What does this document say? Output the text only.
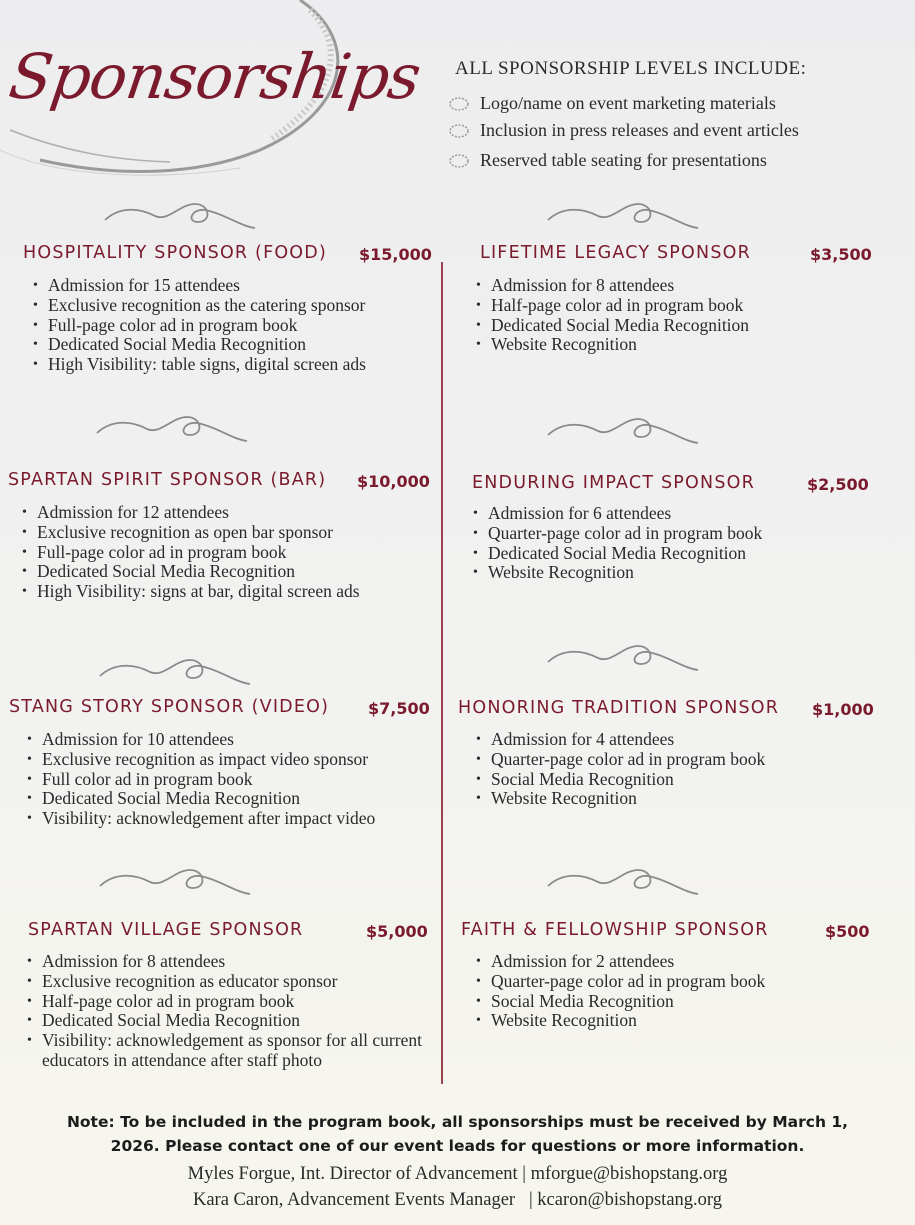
Sponsorships ALL SPONSORSHIP LEVELS INCLUDE:
Logo/name on event marketing materials
Inclusion in press releases and event articles
Reserved table seating for presentations
HOSPITALITY SPONSOR (FOOD) $15,000
• Admission for 15 attendees
• Exclusive recognition as the catering sponsor
• Full-page color ad in program book
• Dedicated Social Media Recognition
• High Visibility: table signs, digital screen ads
LIFETIME LEGACY SPONSOR	$3,500
• Admission for 8 attendees
• Half-page color ad in program book
• Dedicated Social Media Recognition
• Website Recognition
SPARTAN SPIRIT SPONSOR (BAR) $10,000
• Admission for 12 attendees
• Exclusive recognition as open bar sponsor
• Full-page color ad in program book
• Dedicated Social Media Recognition
• High Visibility: signs at bar, digital screen ads
ENDURING IMPACT SPONSOR	$2,500
• Admission for 6 attendees
• Quarter-page color ad in program book
• Dedicated Social Media Recognition
• Website Recognition
STANG STORY SPONSOR (VIDEO) $7,500
• Admission for 10 attendees
• Exclusive recognition as impact video sponsor
• Full color ad in program book
• Dedicated Social Media Recognition
• Visibility: acknowledgement after impact video
HONORING TRADITION SPONSOR $1,000
• Admission for 4 attendees
• Quarter-page color ad in program book
• Social Media Recognition
• Website Recognition
SPARTAN VILLAGE SPONSOR	$5,000
• Admission for 8 attendees
• Exclusive recognition as educator sponsor
• Half-page color ad in program book
• Dedicated Social Media Recognition
• Visibility: acknowledgement as sponsor for all current educators in attendance after staff photo
FAITH & FELLOWSHIP SPONSOR	$500
• Admission for 2 attendees
• Quarter-page color ad in program book
• Social Media Recognition
• Website Recognition
Note: To be included in the program book, all sponsorships must be received by March 1,
2026. Please contact one of our event leads for questions or more information.
Myles Forgue, Int. Director of Advancement | mforgue@bishopstang.org
Kara Caron, Advancement Events Manager   | kcaron@bishopstang.org
